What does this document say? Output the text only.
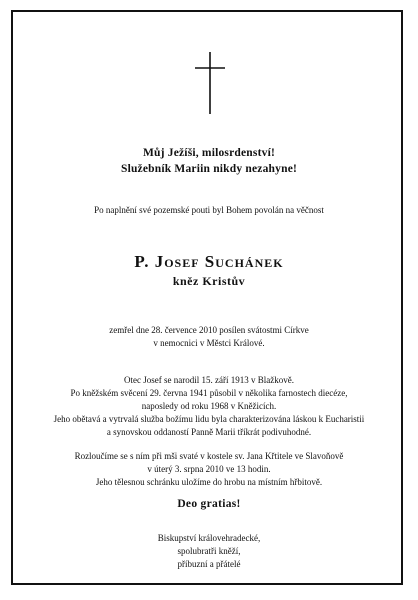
Můj Ježíši, milosrdenství!
Služebník Mariin nikdy nezahyne!
Po naplnění své pozemské pouti byl Bohem povolán na věčnost
P. Josef Suchánek
kněz Kristův
zemřel dne 28. července 2010 posílen svátostmi Církve
v nemocnici v Městci Králové.
Otec Josef se narodil 15. září 1913 v Blažkově.
Po kněžském svěcení 29. června 1941 působil v několika farnostech diecéze,
naposledy od roku 1968 v Kněžicích.
Jeho obětavá a vytrvalá služba božímu lidu byla charakterizována láskou k Eucharistii
a synovskou oddaností Panně Marii tříkrát podivuhodné.
Rozloučíme se s ním při mši svaté v kostele sv. Jana Křtitele ve Slavoňově
v úterý 3. srpna 2010 ve 13 hodin.
Jeho tělesnou schránku uložíme do hrobu na místním hřbitově.
Deo gratias!
Biskupství královehradecké,
spolubratři kněží,
příbuzní a přátelé
